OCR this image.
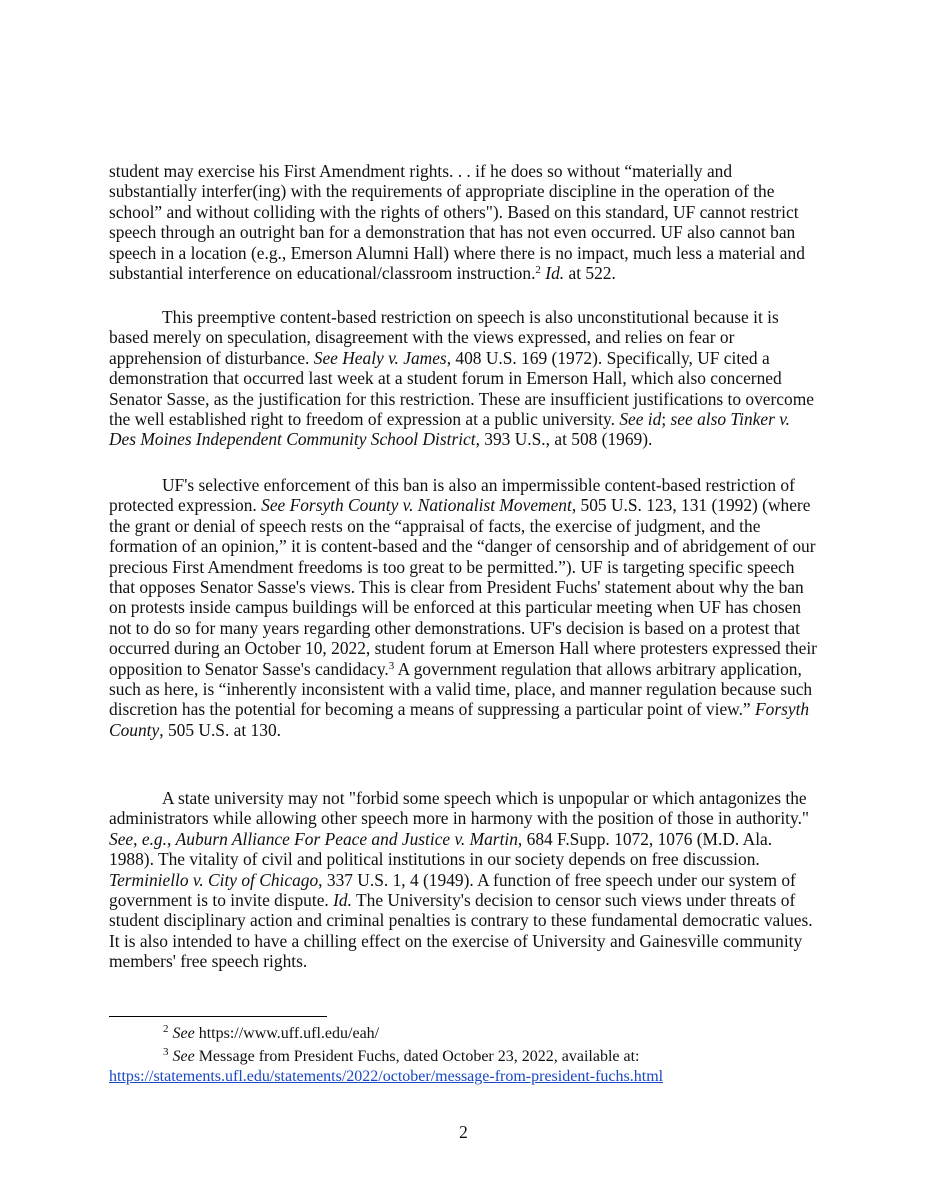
student may exercise his First Amendment rights. . . if he does so without “materially and substantially interfer(ing) with the requirements of appropriate discipline in the operation of the school” and without colliding with the rights of others"). Based on this standard, UF cannot restrict speech through an outright ban for a demonstration that has not even occurred. UF also cannot ban speech in a location (e.g., Emerson Alumni Hall) where there is no impact, much less a material and substantial interference on educational/classroom instruction.$^2$ Id. at 522.

This preemptive content-based restriction on speech is also unconstitutional because it is based merely on speculation, disagreement with the views expressed, and relies on fear or apprehension of disturbance. See Healy v. James, 408 U.S. 169 (1972). Specifically, UF cited a demonstration that occurred last week at a student forum in Emerson Hall, which also concerned Senator Sasse, as the justification for this restriction. These are insufficient justifications to overcome the well established right to freedom of expression at a public university. See id; see also Tinker v. Des Moines Independent Community School District, 393 U.S., at 508 (1969).

UF's selective enforcement of this ban is also an impermissible content-based restriction of protected expression. See Forsyth County v. Nationalist Movement, 505 U.S. 123, 131 (1992) (where the grant or denial of speech rests on the “appraisal of facts, the exercise of judgment, and the formation of an opinion,” it is content-based and the “danger of censorship and of abridgement of our precious First Amendment freedoms is too great to be permitted.”). UF is targeting specific speech that opposes Senator Sasse's views. This is clear from President Fuchs' statement about why the ban on protests inside campus buildings will be enforced at this particular meeting when UF has chosen not to do so for many years regarding other demonstrations. UF's decision is based on a protest that occurred during an October 10, 2022, student forum at Emerson Hall where protesters expressed their opposition to Senator Sasse's candidacy.$^3$ A government regulation that allows arbitrary application, such as here, is “inherently inconsistent with a valid time, place, and manner regulation because such discretion has the potential for becoming a means of suppressing a particular point of view.” Forsyth County, 505 U.S. at 130.

A state university may not "forbid some speech which is unpopular or which antagonizes the administrators while allowing other speech more in harmony with the position of those in authority." See, e.g., Auburn Alliance For Peace and Justice v. Martin, 684 F.Supp. 1072, 1076 (M.D. Ala. 1988). The vitality of civil and political institutions in our society depends on free discussion. Terminiello v. City of Chicago, 337 U.S. 1, 4 (1949). A function of free speech under our system of government is to invite dispute. Id. The University's decision to censor such views under threats of student disciplinary action and criminal penalties is contrary to these fundamental democratic values. It is also intended to have a chilling effect on the exercise of University and Gainesville community members' free speech rights.

$^2$ See https://www.uff.ufl.edu/eah/

$^3$ See Message from President Fuchs, dated October 23, 2022, available at: https://statements.ufl.edu/statements/2022/october/message-from-president-fuchs.html

2
